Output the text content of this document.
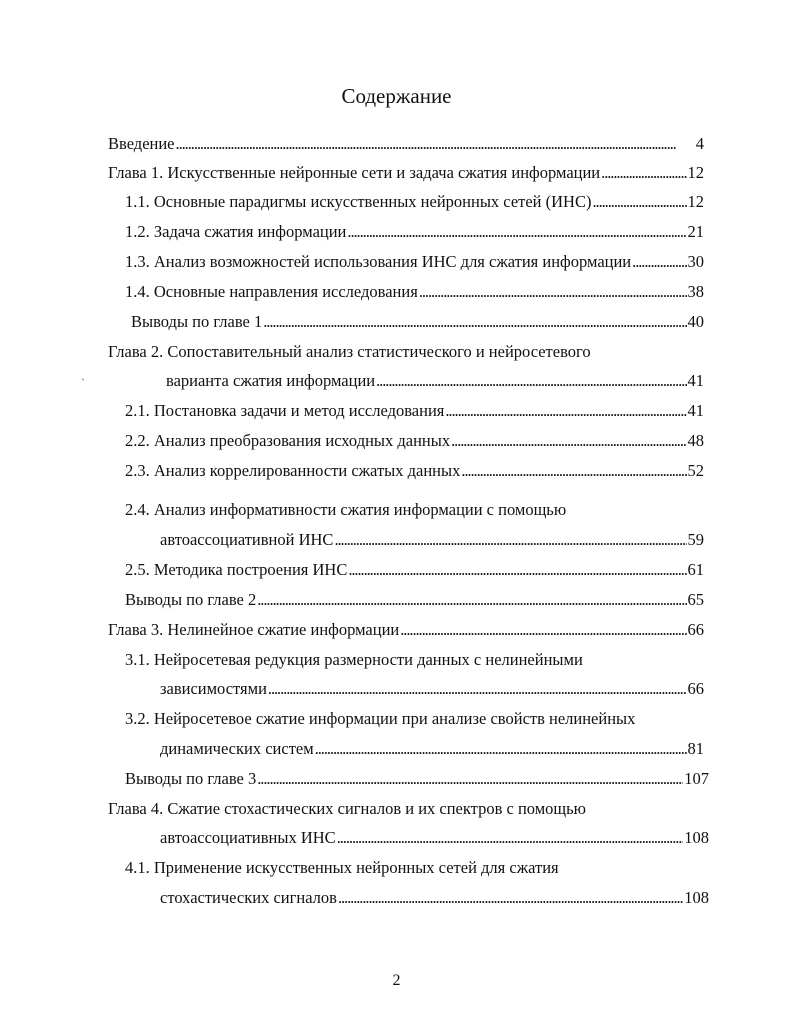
Содержание
ˏ
Введение . . .	4
Глава 1. Искусственные нейронные сети и задача сжатия информации . . .	12
1.1. Основные парадигмы искусственных нейронных сетей (ИНС) . . .	12
1.2. Задача сжатия информации . . .	21
1.3. Анализ возможностей использования ИНС для сжатия информации . . .	30
1.4. Основные направления исследования . . .	38
Выводы по главе 1 . . .	40
Глава 2. Сопоставительный анализ статистического и нейросетевого
варианта сжатия информации . . .	41
2.1. Постановка задачи и метод исследования . . .	41
2.2. Анализ преобразования исходных данных . . .	48
2.3. Анализ коррелированности сжатых данных . . .	52
2.4. Анализ информативности сжатия информации с помощью
автоассоциативной ИНС . . .	59
2.5. Методика построения ИНС . . .	61
Выводы по главе 2 . . .	65
Глава 3. Нелинейное сжатие информации . . .	66
3.1. Нейросетевая редукция размерности данных с нелинейными
зависимостями . . .	66
3.2. Нейросетевое сжатие информации при анализе свойств нелинейных
динамических систем . . .	81
Выводы по главе 3 . . .	107
Глава 4. Сжатие стохастических сигналов и их спектров с помощью
автоассоциативных ИНС . . .	108
4.1. Применение искусственных нейронных сетей для сжатия
стохастических сигналов . . .	108
2
